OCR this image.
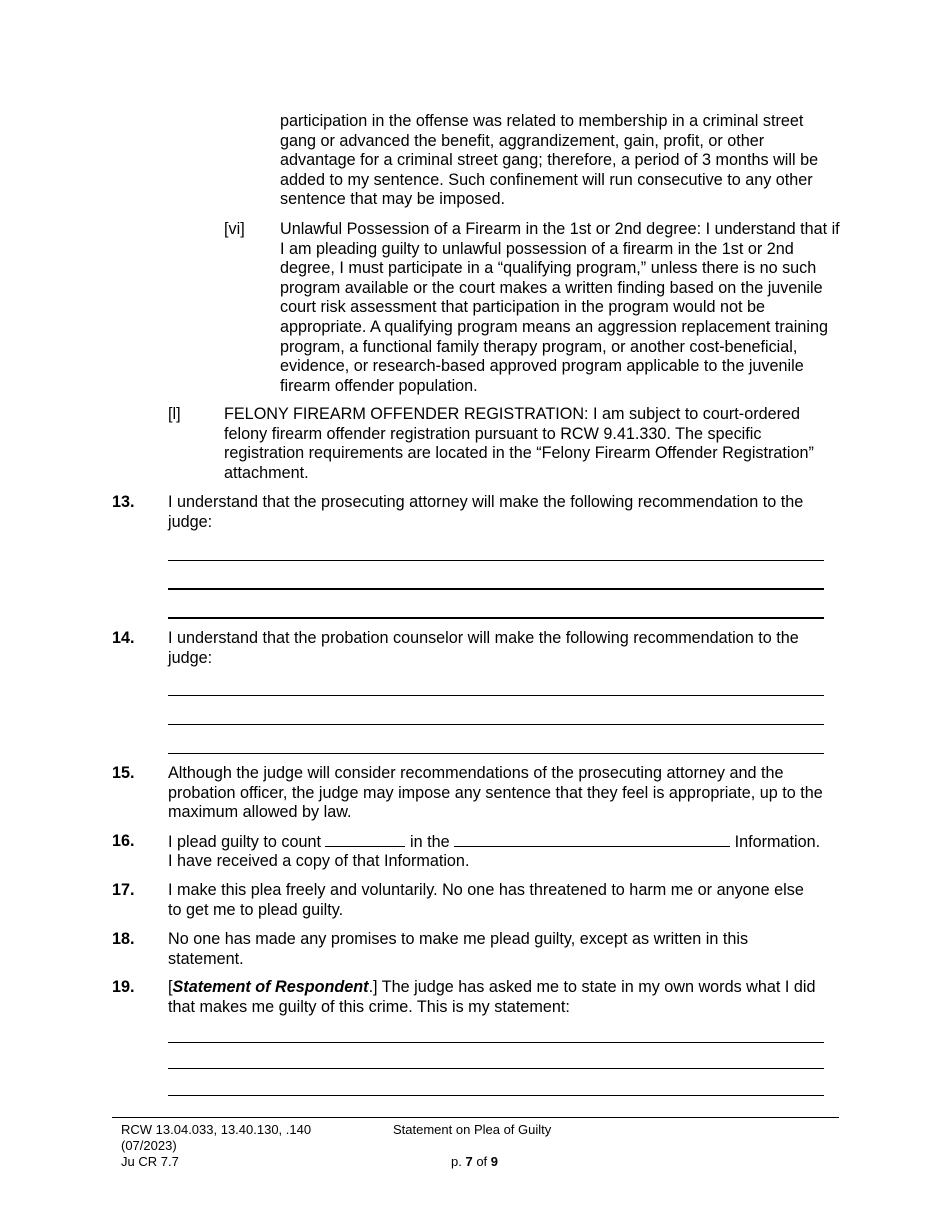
participation in the offense was related to membership in a criminal street gang or advanced the benefit, aggrandizement, gain, profit, or other advantage for a criminal street gang; therefore, a period of 3 months will be added to my sentence. Such confinement will run consecutive to any other sentence that may be imposed.
[vi] Unlawful Possession of a Firearm in the 1st or 2nd degree: I understand that if I am pleading guilty to unlawful possession of a firearm in the 1st or 2nd degree, I must participate in a “qualifying program,” unless there is no such program available or the court makes a written finding based on the juvenile court risk assessment that participation in the program would not be appropriate. A qualifying program means an aggression replacement training program, a functional family therapy program, or another cost-beneficial, evidence, or research-based approved program applicable to the juvenile firearm offender population.
[l]	FELONY FIREARM OFFENDER REGISTRATION: I am subject to court-ordered felony firearm offender registration pursuant to RCW 9.41.330. The specific registration requirements are located in the “Felony Firearm Offender Registration” attachment.
13. I understand that the prosecuting attorney will make the following recommendation to the judge:
14. I understand that the probation counselor will make the following recommendation to the judge:
15. Although the judge will consider recommendations of the prosecuting attorney and the probation officer, the judge may impose any sentence that they feel is appropriate, up to the maximum allowed by law.
16. I plead guilty to count	in the	Information.
I have received a copy of that Information.
17. I make this plea freely and voluntarily. No one has threatened to harm me or anyone else to get me to plead guilty.
18. No one has made any promises to make me plead guilty, except as written in this statement.
19. [Statement of Respondent.] The judge has asked me to state in my own words what I did that makes me guilty of this crime. This is my statement:
RCW 13.04.033, 13.40.130, .140
(07/2023)
Ju CR 7.7
Statement on Plea of Guilty
p. 7 of 9
